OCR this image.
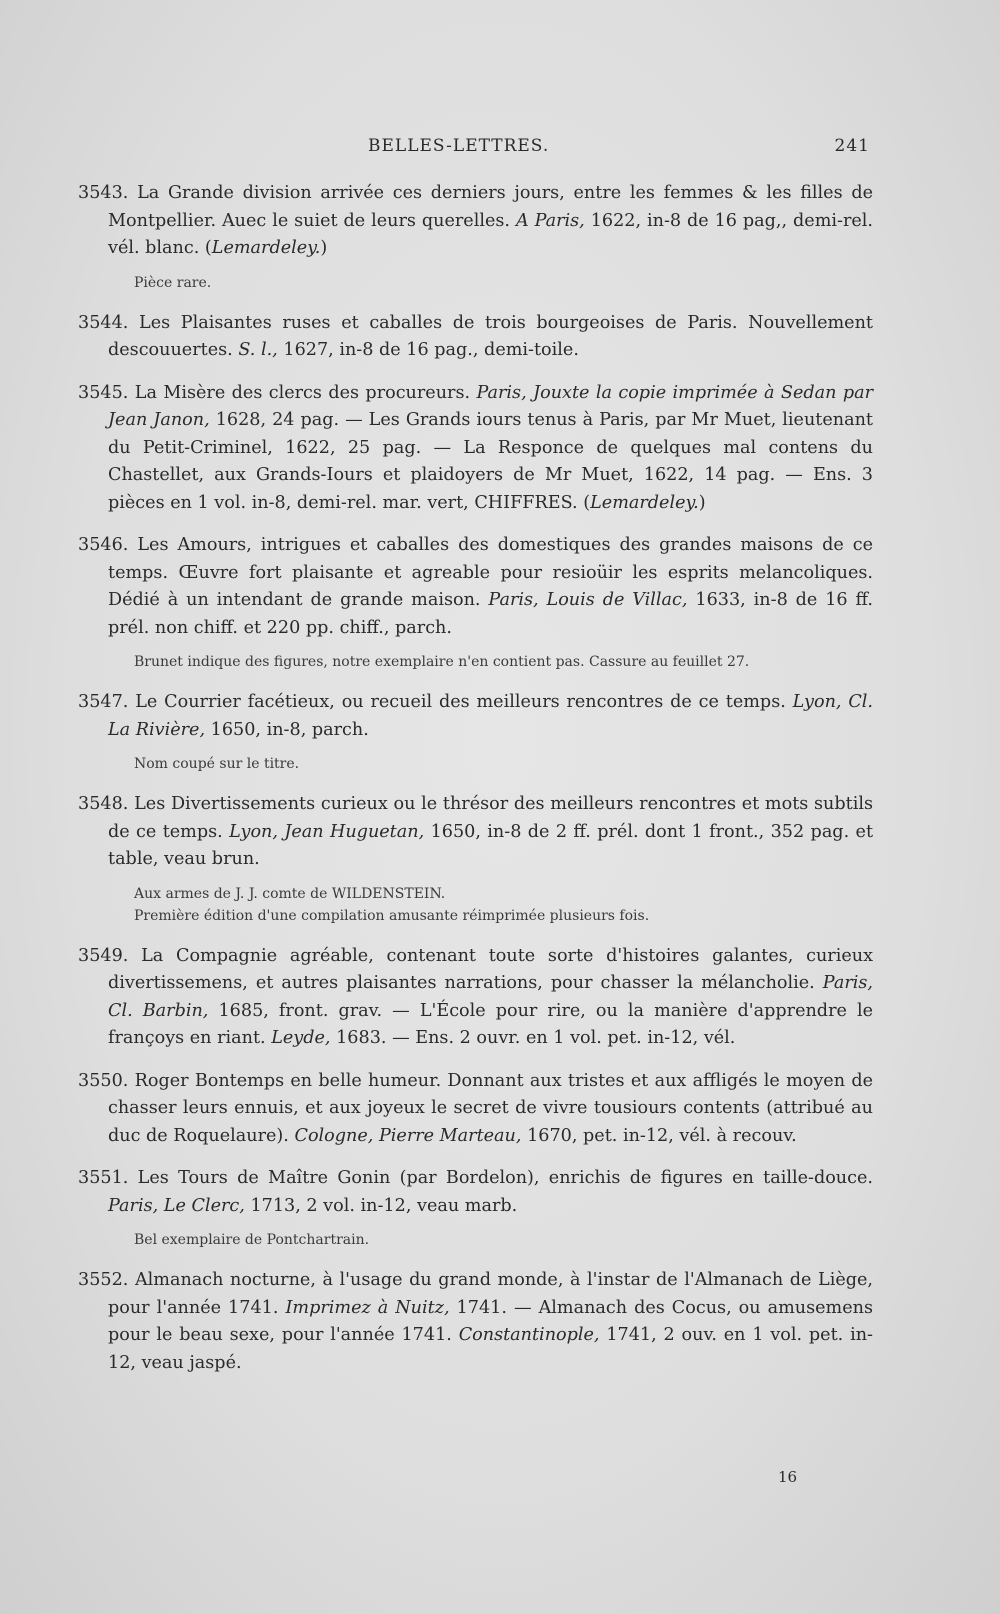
BELLES-LETTRES.	241
3543. La Grande division arrivée ces derniers jours, entre les femmes & les filles de Montpellier. Auec le suiet de leurs querelles. A Paris, 1622, in-8 de 16 pag,, demi-rel. vél. blanc. (Lemardeley.)
Pièce rare.
3544. Les Plaisantes ruses et caballes de trois bourgeoises de Paris. Nouvellement descouuertes. S. l., 1627, in-8 de 16 pag., demi-toile.
3545. La Misère des clercs des procureurs. Paris, Jouxte la copie imprimée à Sedan par Jean Janon, 1628, 24 pag. — Les Grands iours tenus à Paris, par Mr Muet, lieutenant du Petit-Criminel, 1622, 25 pag. — La Responce de quelques mal contens du Chastellet, aux Grands-Iours et plaidoyers de Mr Muet, 1622, 14 pag. — Ens. 3 pièces en 1 vol. in-8, demi-rel. mar. vert, CHIFFRES. (Lemardeley.)
3546. Les Amours, intrigues et caballes des domestiques des grandes maisons de ce temps. Œuvre fort plaisante et agreable pour resioüir les esprits melancoliques. Dédié à un intendant de grande maison. Paris, Louis de Villac, 1633, in-8 de 16 ff. prél. non chiff. et 220 pp. chiff., parch.
Brunet indique des figures, notre exemplaire n'en contient pas. Cassure au feuillet 27.
3547. Le Courrier facétieux, ou recueil des meilleurs rencontres de ce temps. Lyon, Cl. La Rivière, 1650, in-8, parch.
Nom coupé sur le titre.
3548. Les Divertissements curieux ou le thrésor des meilleurs rencontres et mots subtils de ce temps. Lyon, Jean Huguetan, 1650, in-8 de 2 ff. prél. dont 1 front., 352 pag. et table, veau brun.
Aux armes de J. J. comte de WILDENSTEIN.
Première édition d'une compilation amusante réimprimée plusieurs fois.
3549. La Compagnie agréable, contenant toute sorte d'histoires galantes, curieux divertissemens, et autres plaisantes narrations, pour chasser la mélancholie. Paris, Cl. Barbin, 1685, front. grav. — L'École pour rire, ou la manière d'apprendre le françoys en riant. Leyde, 1683. — Ens. 2 ouvr. en 1 vol. pet. in-12, vél.
3550. Roger Bontemps en belle humeur. Donnant aux tristes et aux affligés le moyen de chasser leurs ennuis, et aux joyeux le secret de vivre tousiours contents (attribué au duc de Roquelaure). Cologne, Pierre Marteau, 1670, pet. in-12, vél. à recouv.
3551. Les Tours de Maître Gonin (par Bordelon), enrichis de figures en taille-douce. Paris, Le Clerc, 1713, 2 vol. in-12, veau marb.
Bel exemplaire de Pontchartrain.
3552. Almanach nocturne, à l'usage du grand monde, à l'instar de l'Almanach de Liège, pour l'année 1741. Imprimez à Nuitz, 1741. — Almanach des Cocus, ou amusemens pour le beau sexe, pour l'année 1741. Constantinople, 1741, 2 ouv. en 1 vol. pet. in-12, veau jaspé.
16
